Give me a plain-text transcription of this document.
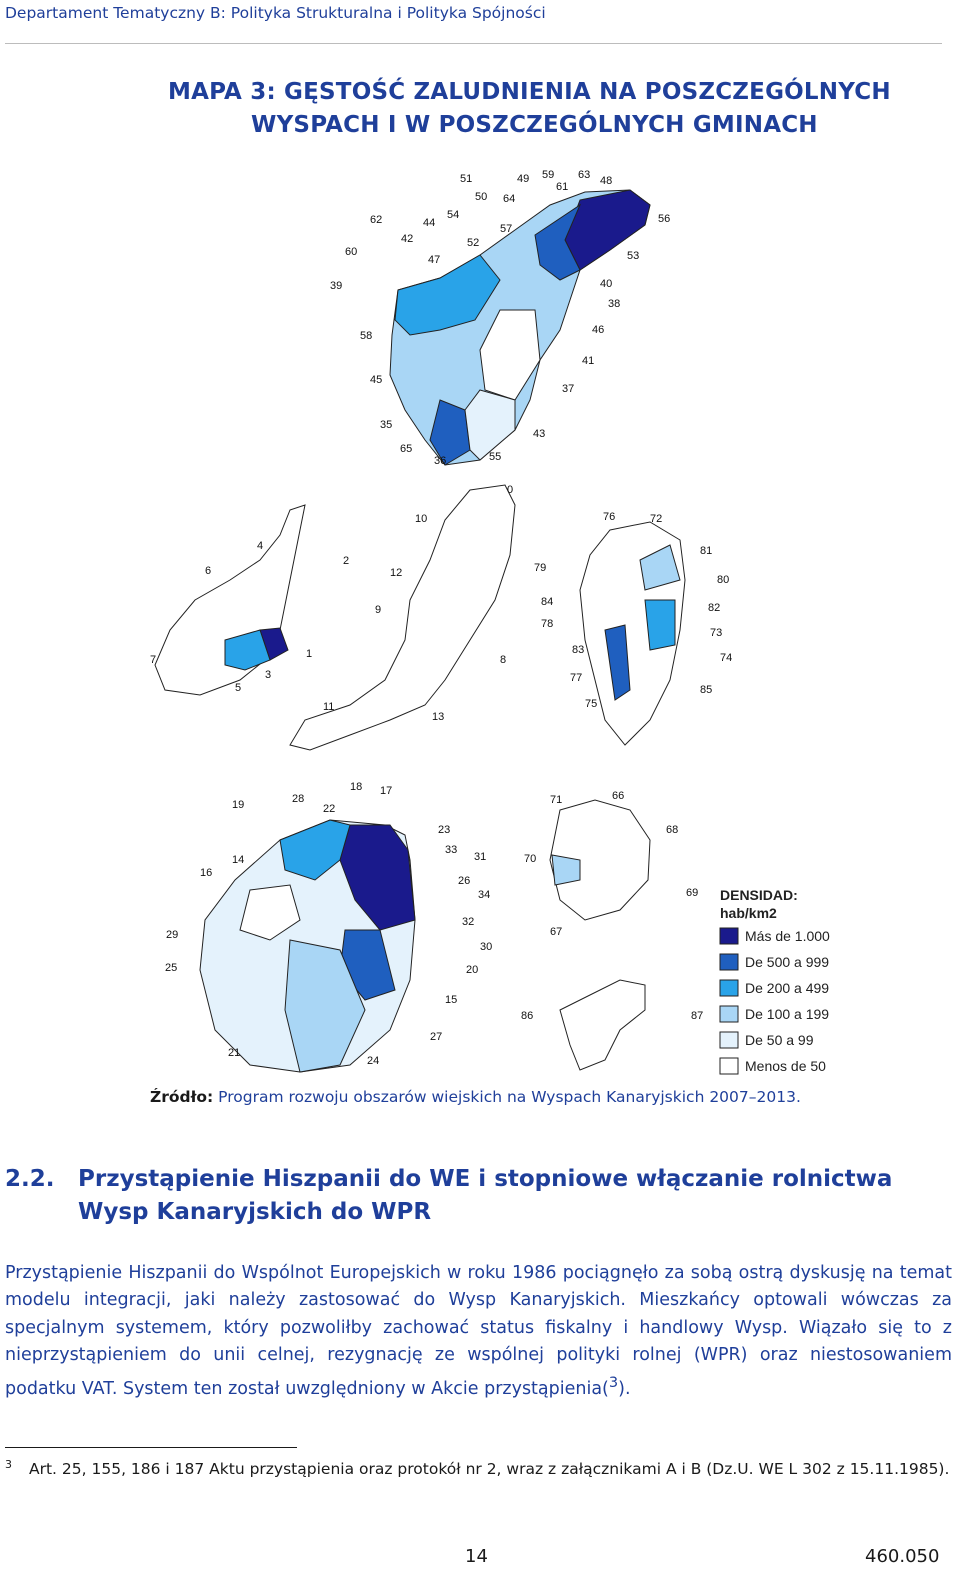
Departament Tematyczny B: Polityka Strukturalna i Polityka Spójności
MAPA 3: GĘSTOŚĆ ZALUDNIENIA NA POSZCZEGÓLNYCH
WYSPACH I W POSZCZEGÓLNYCH GMINACH
51	49 59 63 48
50 64
61
62	44
54
42
57
52
47
60
56
53
39	40
38
58	46
41
45
37
35
65
43
36	55
4
6
2
7	1
5
3
0
10
12
9
8
11
13
76	72
81
80
79
84	82
78
73
83
74
77
85
75
19	28
22
18 17
23
33
14	31
16
26
34
32
29
30
25	20
15
27
21
24
71	66
68
70
69
67
86	87
DENSIDAD:
hab/km2
Más de 1.000
De 500 a 999
De 200 a 499
De 100 a 199
De 50 a 99
Menos de 50
Źródło: Program rozwoju obszarów wiejskich na Wyspach Kanaryjskich 2007–2013.
2.2. Przystąpienie Hiszpanii do WE i stopniowe włączanie rolnictwa
Wysp Kanaryjskich do WPR
Przystąpienie Hiszpanii do Wspólnot Europejskich w roku 1986 pociągnęło za sobą ostrą dyskusję na temat modelu integracji, jaki należy zastosować do Wysp Kanaryjskich. Mieszkańcy optowali wówczas za specjalnym systemem, który pozwoliłby zachować status fiskalny i handlowy Wysp. Wiązało się to z nieprzystąpieniem do unii celnej, rezygnację ze wspólnej polityki rolnej (WPR) oraz niestosowaniem podatku VAT. System ten został uwzględniony w Akcie przystąpienia($^3$).
3 Art. 25, 155, 186 i 187 Aktu przystąpienia oraz protokół nr 2, wraz z załącznikami A i B (Dz.U. WE L 302 z 15.11.1985).
14	460.050
